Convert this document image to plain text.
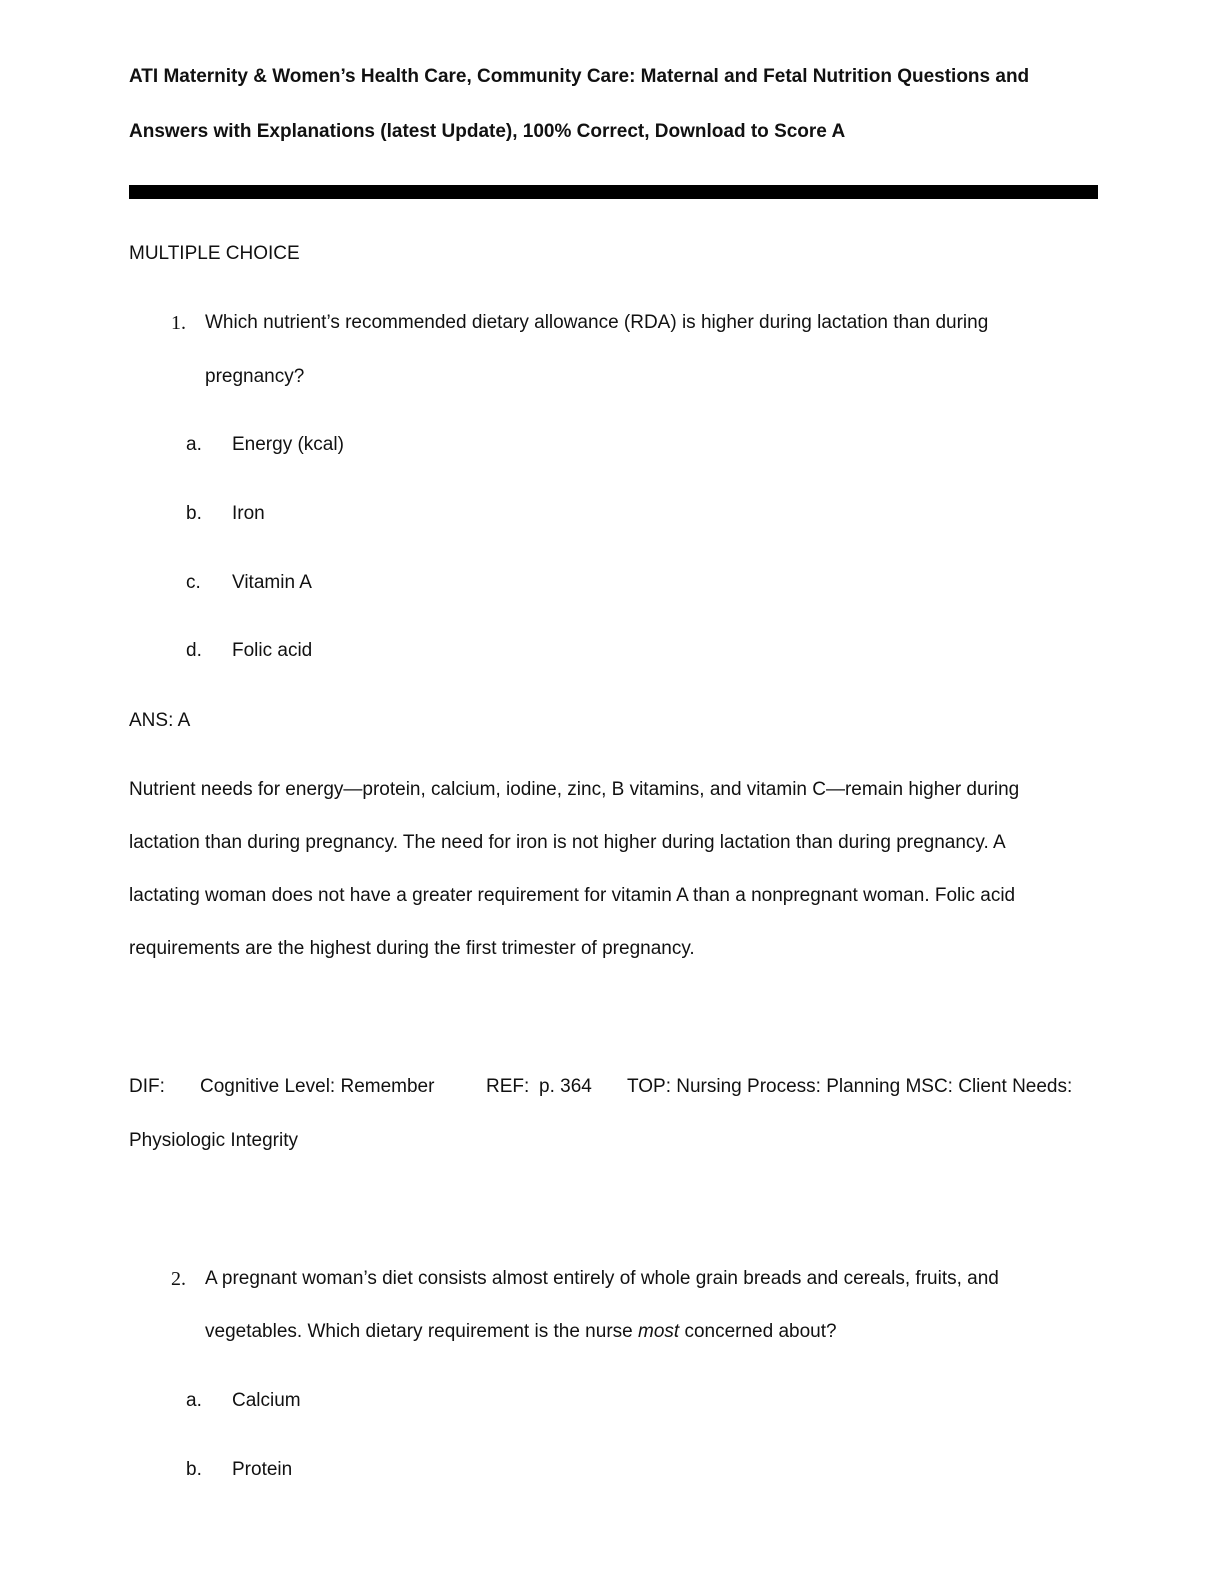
ATI Maternity & Women’s Health Care, Community Care: Maternal and Fetal Nutrition Questions and
Answers with Explanations (latest Update), 100% Correct, Download to Score A
MULTIPLE CHOICE
1. Which nutrient’s recommended dietary allowance (RDA) is higher during lactation than during
pregnancy?
a. Energy (kcal)
b. Iron
c. Vitamin A
d. Folic acid
ANS: A
Nutrient needs for energy—protein, calcium, iodine, zinc, B vitamins, and vitamin C—remain higher during
lactation than during pregnancy. The need for iron is not higher during lactation than during pregnancy. A
lactating woman does not have a greater requirement for vitamin A than a nonpregnant woman. Folic acid
requirements are the highest during the first trimester of pregnancy.
DIF: Cognitive Level: Remember	REF: p. 364 TOP: Nursing Process: Planning MSC: Client Needs:
Physiologic Integrity
2. A pregnant woman’s diet consists almost entirely of whole grain breads and cereals, fruits, and
vegetables. Which dietary requirement is the nurse most concerned about?
a. Calcium
b. Protein
